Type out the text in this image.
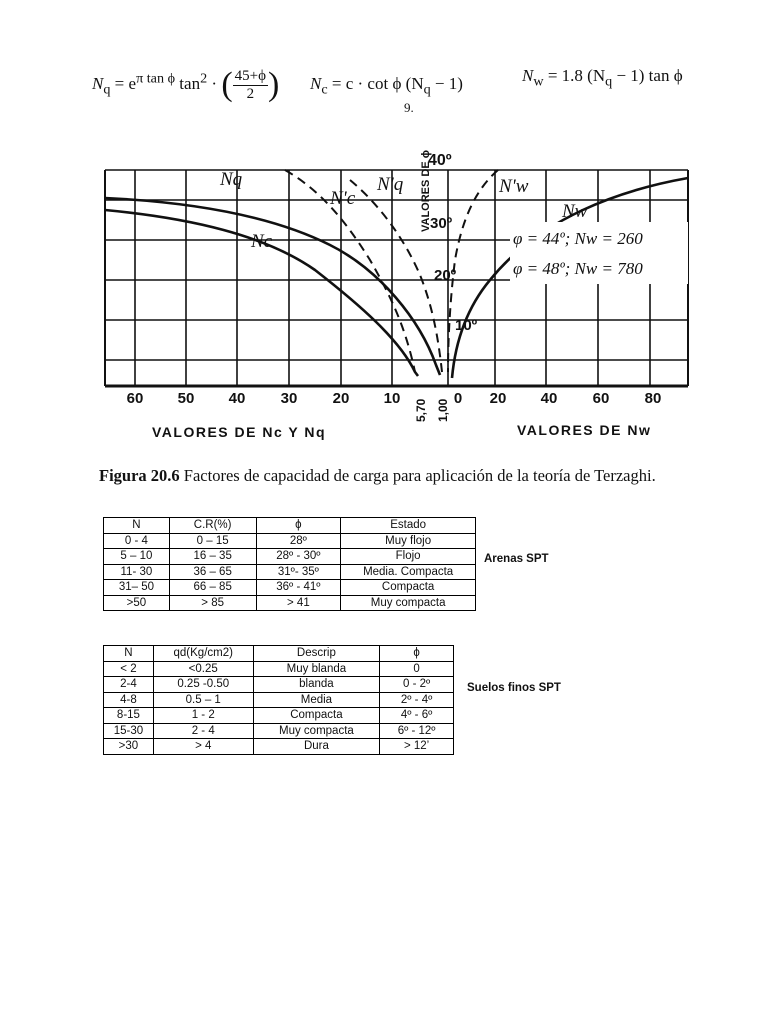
$N_q = e^{\pi tan \phi}$ $\tan^2$ · ( $\frac{45+\phi}{2}$ ) $N_c = c \cdot \cot \phi$ $(N_q - 1)$
9.
$N_w = 1.8$ $(N_q - 1)$ tan ϕ
60 50 40 30 20 10
5,70 1,00
0 20 40 60 80
VALORES DE Nc Y Nq	VALORES DE Nw
VALORES DE ϕ
10º
20º
30º
40º
Nq
Nc
N'c
N'q	N'w
Nw
φ = 44º; Nw = 260
φ = 48º; Nw = 780
Figura 20.6 Factores de capacidad de carga para aplicación de la teoría de Terzaghi.
N	C.R(%)	ϕ	Estado
0 - 4	0 – 15	28º	Muy flojo
5 – 10	16 – 35	28º - 30º	Flojo
11- 30	36 – 65	31º- 35º	Media. Compacta
31– 50	66 – 85	36º - 41º	Compacta
>50	> 85	> 41	Muy compacta
Arenas SPT
N	qd(Kg/cm2)	Descrip	ϕ
< 2	<0.25	Muy blanda	0
2-4	0.25 -0.50	blanda	0 - 2º
4-8	0.5 – 1	Media	2º - 4º
8-15	1 - 2	Compacta	4º - 6º
15-30	2 - 4	Muy compacta	6º - 12º
>30	> 4	Dura	> 12’
Suelos finos SPT
